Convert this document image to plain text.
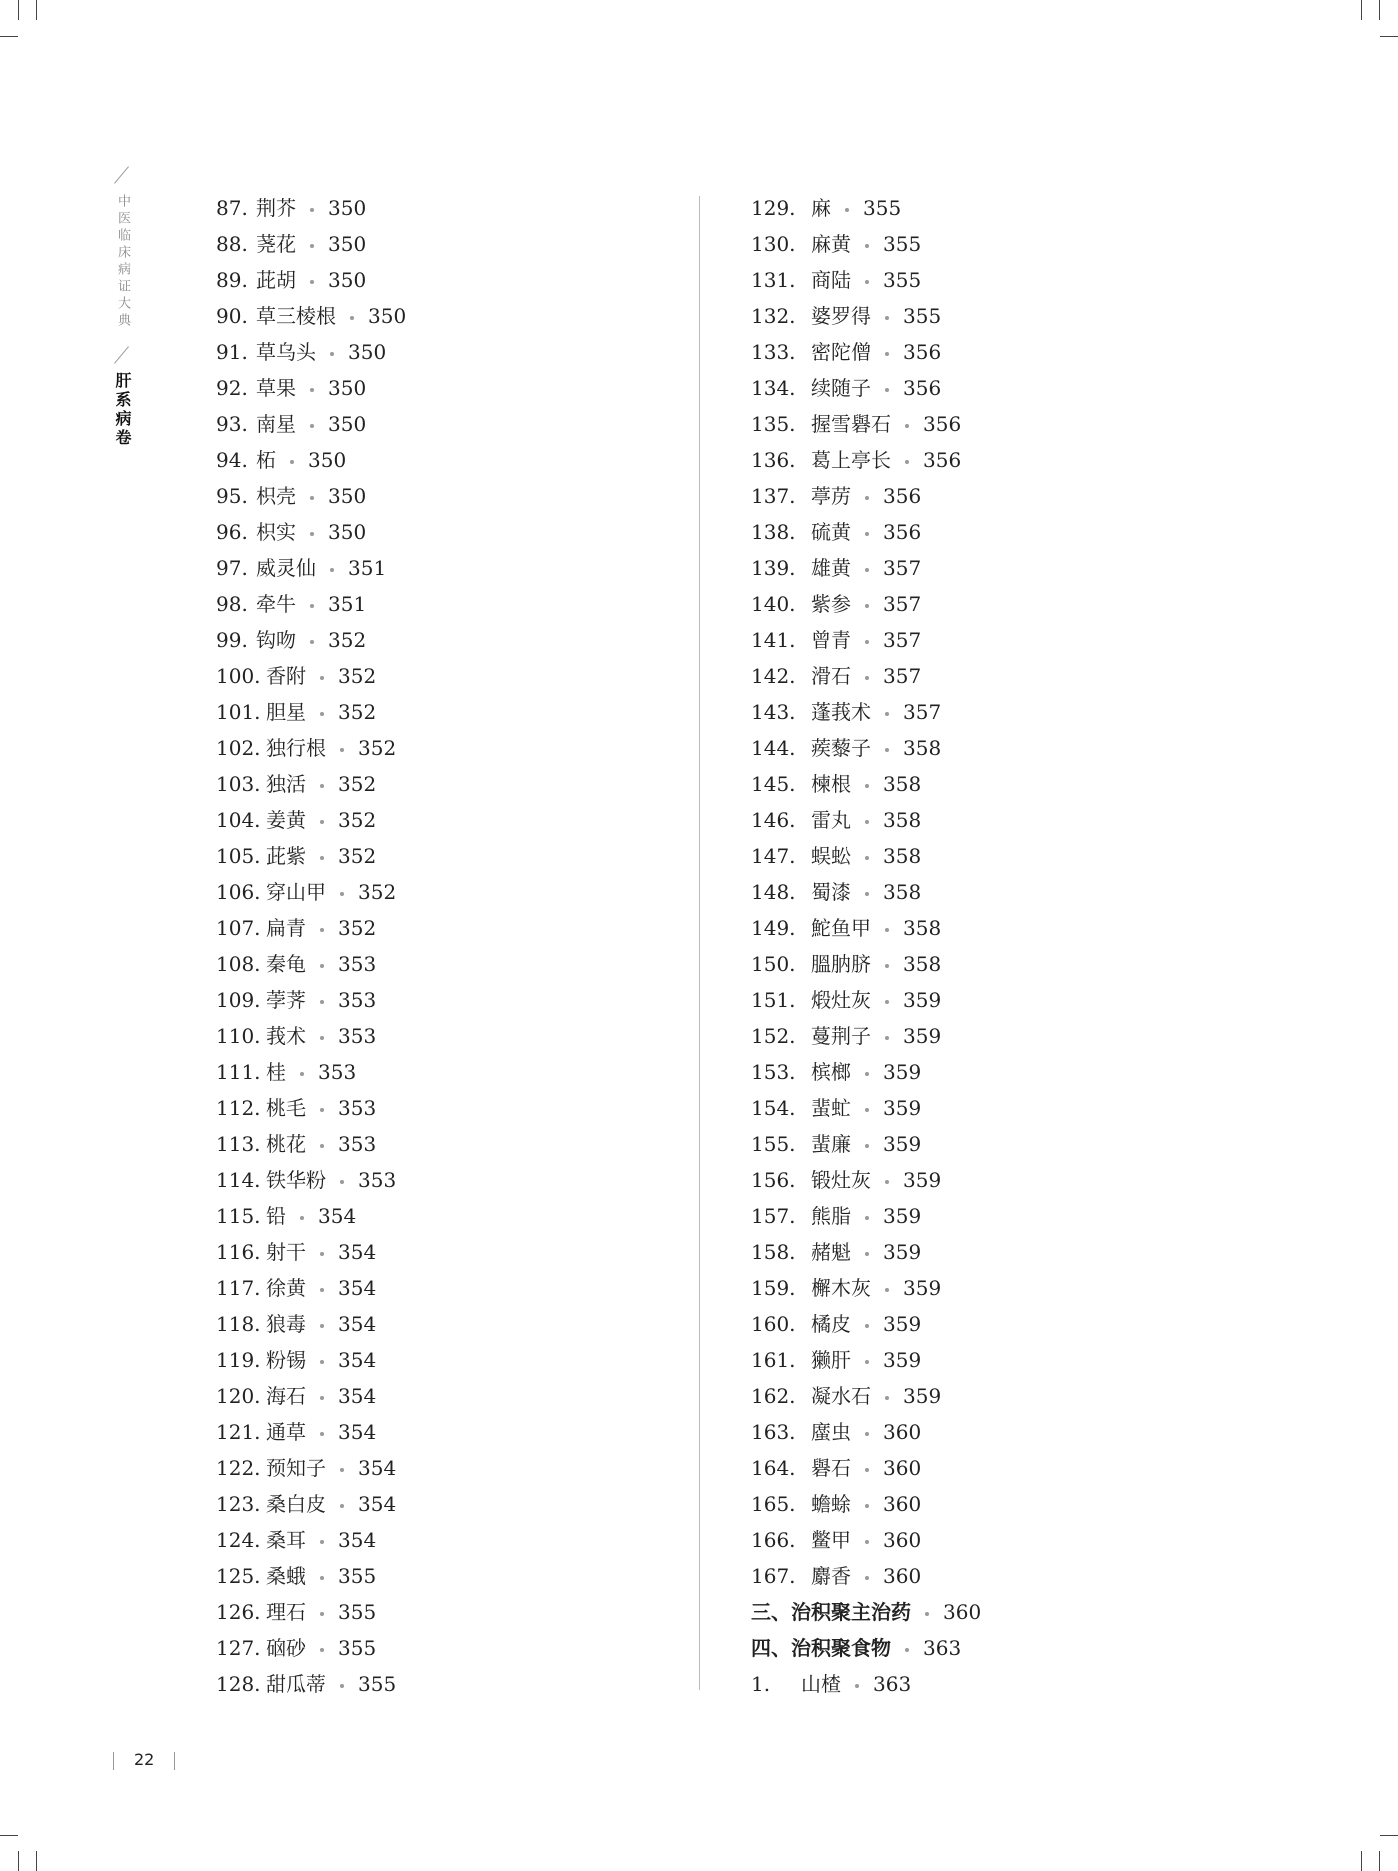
中医临床病证大典
肝系病卷
87. 荆芥 350
88. 荛花 350
89. 茈胡 350
90. 草三棱根 350
91. 草乌头 350
92. 草果 350
93. 南星 350
94. 柘 350
95. 枳壳 350
96. 枳实 350
97. 威灵仙 351
98. 牵牛 351
99. 钩吻 352
100. 香附 352
101. 胆星 352
102. 独行根 352
103. 独活 352
104. 姜黄 352
105. 茈紫 352
106. 穿山甲 352
107. 扁青 352
108. 秦龟 353
109. 荸荠 353
110. 莪术 353
111. 桂 353
112. 桃毛 353
113. 桃花 353
114. 铁华粉 353
115. 铅 354
116. 射干 354
117. 徐黄 354
118. 狼毒 354
119. 粉锡 354
120. 海石 354
121. 通草 354
122. 预知子 354
123. 桑白皮 354
124. 桑耳 354
125. 桑蛾 355
126. 理石 355
127. 硇砂 355
128. 甜瓜蒂 355
129. 麻 355
130. 麻黄 355
131. 商陆 355
132. 婆罗得 355
133. 密陀僧 356
134. 续随子 356
135. 握雪礜石 356
136. 葛上亭长 356
137. 葶苈 356
138. 硫黄 356
139. 雄黄 357
140. 紫参 357
141. 曾青 357
142. 滑石 357
143. 蓬莪术 357
144. 蒺藜子 358
145. 楝根 358
146. 雷丸 358
147. 蜈蚣 358
148. 蜀漆 358
149. 鮀鱼甲 358
150. 膃肭脐 358
151. 煅灶灰 359
152. 蔓荆子 359
153. 槟榔 359
154. 蜚虻 359
155. 蜚廉 359
156. 锻灶灰 359
157. 熊脂 359
158. 赭魁 359
159. 檞木灰 359
160. 橘皮 359
161. 獭肝 359
162. 凝水石 359
163. 䗪虫 360
164. 礜石 360
165. 蟾蜍 360
166. 鳖甲 360
167. 麝香 360
三、治积聚主治药 360
四、治积聚食物 363
1. 山楂 363
22
